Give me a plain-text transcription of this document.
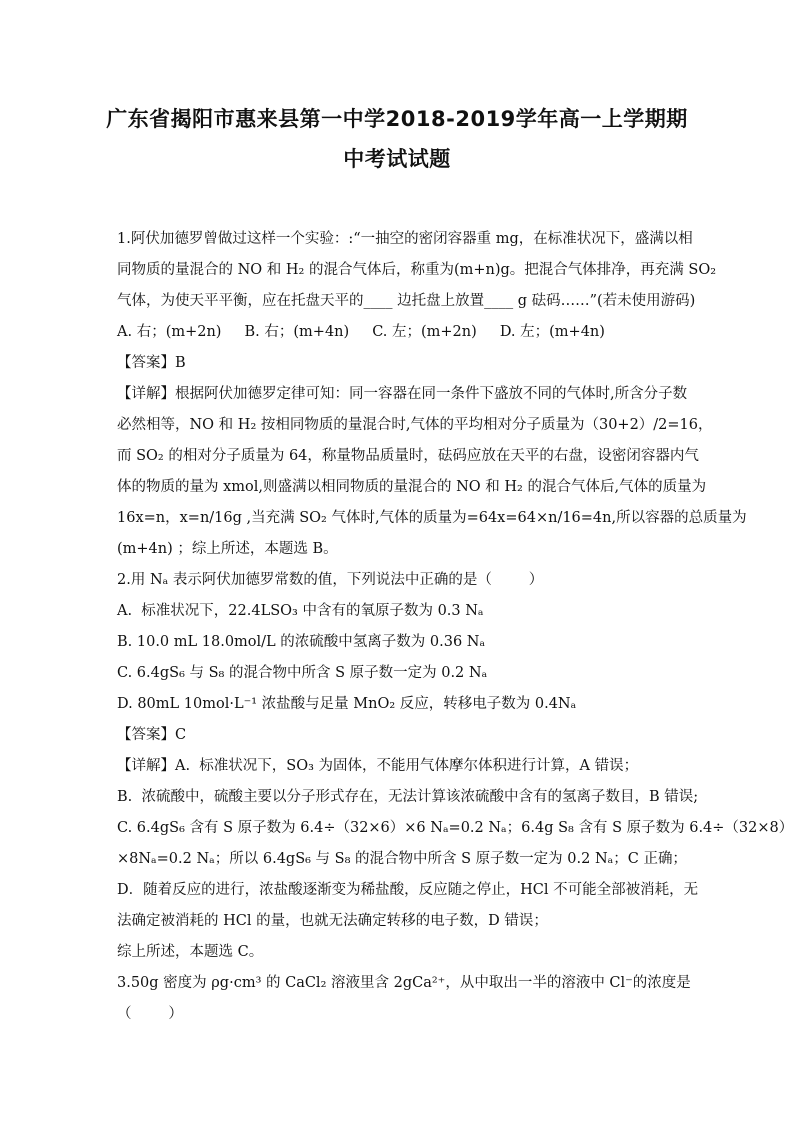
广东省揭阳市惠来县第一中学2018-2019学年高一上学期期
中考试试题
1.阿伏加德罗曾做过这样一个实验：:“一抽空的密闭容器重 mg，在标准状况下，盛满以相
同物质的量混合的 NO 和 H₂ 的混合气体后，称重为(m+n)g。把混合气体排净，再充满 SO₂
气体，为使天平平衡，应在托盘天平的____ 边托盘上放置____ g 砝码……”(若未使用游码)
A. 右；(m+2n)     B. 右；(m+4n)     C. 左；(m+2n)     D. 左；(m+4n)
【答案】B
【详解】根据阿伏加德罗定律可知：同一容器在同一条件下盛放不同的气体时,所含分子数
必然相等，NO 和 H₂ 按相同物质的量混合时,气体的平均相对分子质量为（30+2）/2=16，
而 SO₂ 的相对分子质量为 64，称量物品质量时，砝码应放在天平的右盘，设密闭容器内气
体的物质的量为 xmol,则盛满以相同物质的量混合的 NO 和 H₂ 的混合气体后,气体的质量为
16x=n，x=n/16g ,当充满 SO₂ 气体时,气体的质量为=64x=64×n/16=4n,所以容器的总质量为
(m+4n) ；综上所述，本题选 B。
2.用 Nₐ 表示阿伏加德罗常数的值，下列说法中正确的是（        ）
A.  标准状况下，22.4LSO₃ 中含有的氧原子数为 0.3 Nₐ
B. 10.0 mL 18.0mol/L 的浓硫酸中氢离子数为 0.36 Nₐ
C. 6.4gS₆ 与 S₈ 的混合物中所含 S 原子数一定为 0.2 Nₐ
D. 80mL 10mol·L⁻¹ 浓盐酸与足量 MnO₂ 反应，转移电子数为 0.4Nₐ
【答案】C
【详解】A.  标准状况下，SO₃ 为固体，不能用气体摩尔体积进行计算，A 错误；
B.  浓硫酸中，硫酸主要以分子形式存在，无法计算该浓硫酸中含有的氢离子数目，B 错误;
C. 6.4gS₆ 含有 S 原子数为 6.4÷（32×6）×6 Nₐ=0.2 Nₐ；6.4g S₈ 含有 S 原子数为 6.4÷（32×8）
×8Nₐ=0.2 Nₐ；所以 6.4gS₆ 与 S₈ 的混合物中所含 S 原子数一定为 0.2 Nₐ；C 正确；
D．随着反应的进行，浓盐酸逐渐变为稀盐酸，反应随之停止，HCl 不可能全部被消耗，无
法确定被消耗的 HCl 的量，也就无法确定转移的电子数，D 错误；
综上所述，本题选 C。
3.50g 密度为 ρg·cm³ 的 CaCl₂ 溶液里含 2gCa²⁺，从中取出一半的溶液中 Cl⁻的浓度是
（        ）
